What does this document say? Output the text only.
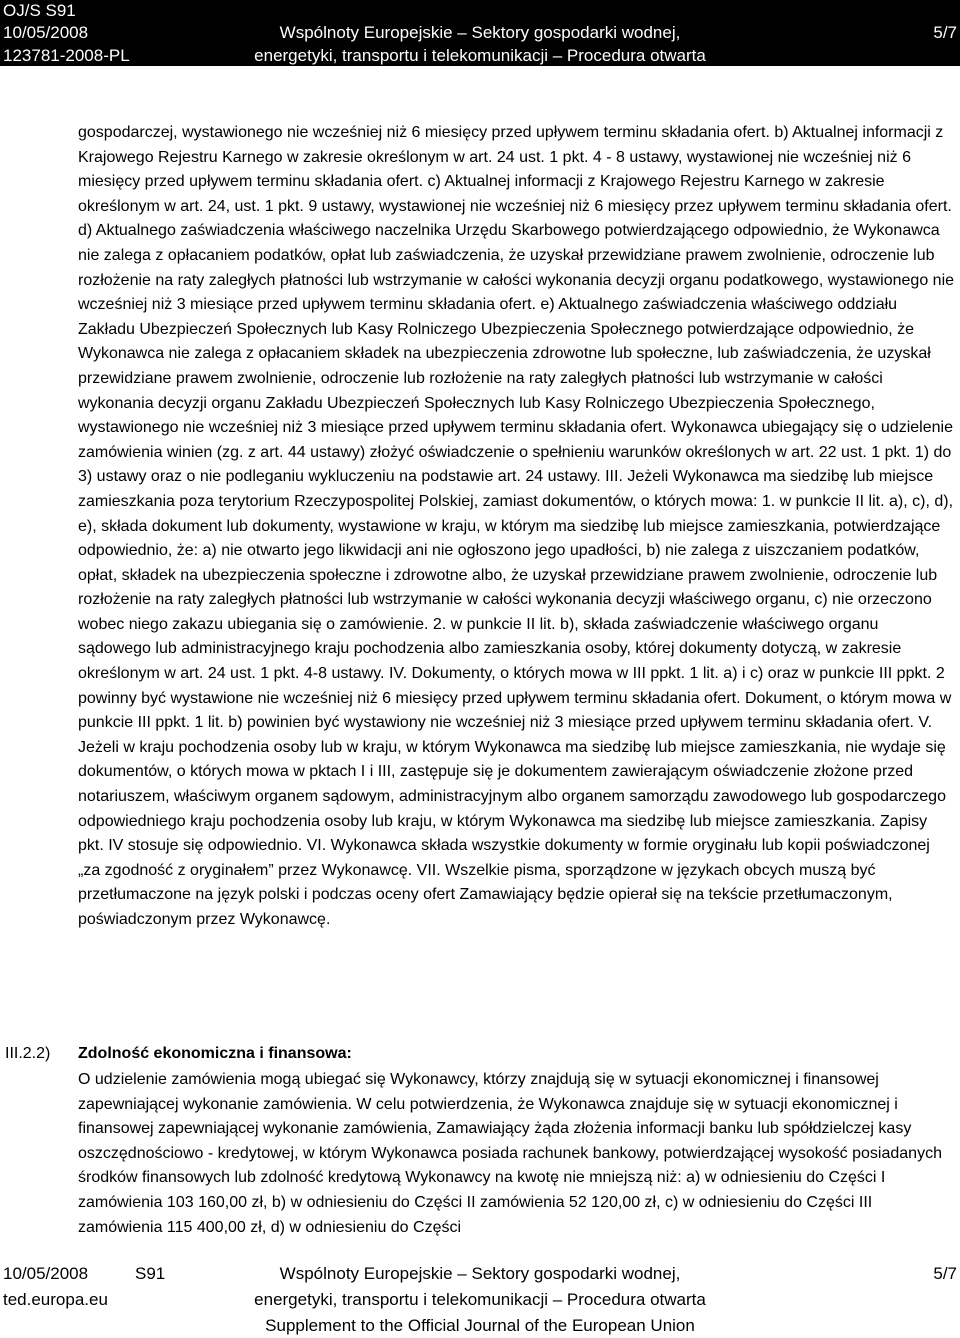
OJ/S S91
10/05/2008
123781-2008-PL
Wspólnoty Europejskie – Sektory gospodarki wodnej,
energetyki, transportu i telekomunikacji – Procedura otwarta
5/7
gospodarczej, wystawionego nie wcześniej niż 6 miesięcy przed upływem terminu składania ofert. b) Aktualnej informacji z Krajowego Rejestru Karnego w zakresie określonym w art. 24 ust. 1 pkt. 4 - 8 ustawy, wystawionej nie wcześniej niż 6 miesięcy przed upływem terminu składania ofert. c) Aktualnej informacji z Krajowego Rejestru Karnego w zakresie określonym w art. 24, ust. 1 pkt. 9 ustawy, wystawionej nie wcześniej niż 6 miesięcy przez upływem terminu składania ofert. d) Aktualnego zaświadczenia właściwego naczelnika Urzędu Skarbowego potwierdzającego odpowiednio, że Wykonawca nie zalega z opłacaniem podatków, opłat lub zaświadczenia, że uzyskał przewidziane prawem zwolnienie, odroczenie lub rozłożenie na raty zaległych płatności lub wstrzymanie w całości wykonania decyzji organu podatkowego, wystawionego nie wcześniej niż 3 miesiące przed upływem terminu składania ofert. e) Aktualnego zaświadczenia właściwego oddziału Zakładu Ubezpieczeń Społecznych lub Kasy Rolniczego Ubezpieczenia Społecznego potwierdzające odpowiednio, że Wykonawca nie zalega z opłacaniem składek na ubezpieczenia zdrowotne lub społeczne, lub zaświadczenia, że uzyskał przewidziane prawem zwolnienie, odroczenie lub rozłożenie na raty zaległych płatności lub wstrzymanie w całości wykonania decyzji organu Zakładu Ubezpieczeń Społecznych lub Kasy Rolniczego Ubezpieczenia Społecznego, wystawionego nie wcześniej niż 3 miesiące przed upływem terminu składania ofert. Wykonawca ubiegający się o udzielenie zamówienia winien (zg. z art. 44 ustawy) złożyć oświadczenie o spełnieniu warunków określonych w art. 22 ust. 1 pkt. 1) do 3) ustawy oraz o nie podleganiu wykluczeniu na podstawie art. 24 ustawy. III. Jeżeli Wykonawca ma siedzibę lub miejsce zamieszkania poza terytorium Rzeczypospolitej Polskiej, zamiast dokumentów, o których mowa: 1. w punkcie II lit. a), c), d), e), składa dokument lub dokumenty, wystawione w kraju, w którym ma siedzibę lub miejsce zamieszkania, potwierdzające odpowiednio, że: a) nie otwarto jego likwidacji ani nie ogłoszono jego upadłości, b) nie zalega z uiszczaniem podatków, opłat, składek na ubezpieczenia społeczne i zdrowotne albo, że uzyskał przewidziane prawem zwolnienie, odroczenie lub rozłożenie na raty zaległych płatności lub wstrzymanie w całości wykonania decyzji właściwego organu, c) nie orzeczono wobec niego zakazu ubiegania się o zamówienie. 2. w punkcie II lit. b), składa zaświadczenie właściwego organu sądowego lub administracyjnego kraju pochodzenia albo zamieszkania osoby, której dokumenty dotyczą, w zakresie określonym w art. 24 ust. 1 pkt. 4-8 ustawy. IV. Dokumenty, o których mowa w III ppkt. 1 lit. a) i c) oraz w punkcie III ppkt. 2 powinny być wystawione nie wcześniej niż 6 miesięcy przed upływem terminu składania ofert. Dokument, o którym mowa w punkcie III ppkt. 1 lit. b) powinien być wystawiony nie wcześniej niż 3 miesiące przed upływem terminu składania ofert. V. Jeżeli w kraju pochodzenia osoby lub w kraju, w którym Wykonawca ma siedzibę lub miejsce zamieszkania, nie wydaje się dokumentów, o których mowa w pktach I i III, zastępuje się je dokumentem zawierającym oświadczenie złożone przed notariuszem, właściwym organem sądowym, administracyjnym albo organem samorządu zawodowego lub gospodarczego odpowiedniego kraju pochodzenia osoby lub kraju, w którym Wykonawca ma siedzibę lub miejsce zamieszkania. Zapisy pkt. IV stosuje się odpowiednio. VI. Wykonawca składa wszystkie dokumenty w formie oryginału lub kopii poświadczonej „za zgodność z oryginałem” przez Wykonawcę. VII. Wszelkie pisma, sporządzone w językach obcych muszą być przetłumaczone na język polski i podczas oceny ofert Zamawiający będzie opierał się na tekście przetłumaczonym, poświadczonym przez Wykonawcę.
III.2.2) Zdolność ekonomiczna i finansowa:
O udzielenie zamówienia mogą ubiegać się Wykonawcy, którzy znajdują się w sytuacji ekonomicznej i finansowej zapewniającej wykonanie zamówienia. W celu potwierdzenia, że Wykonawca znajduje się w sytuacji ekonomicznej i finansowej zapewniającej wykonanie zamówienia, Zamawiający żąda złożenia informacji banku lub spółdzielczej kasy oszczędnościowo - kredytowej, w którym Wykonawca posiada rachunek bankowy, potwierdzającej wysokość posiadanych środków finansowych lub zdolność kredytową Wykonawcy na kwotę nie mniejszą niż: a) w odniesieniu do Części I zamówienia 103 160,00 zł, b) w odniesieniu do Części II zamówienia 52 120,00 zł, c) w odniesieniu do Części III zamówienia 115 400,00 zł, d) w odniesieniu do Części
10/05/2008	S91
ted.europa.eu
Wspólnoty Europejskie – Sektory gospodarki wodnej,
energetyki, transportu i telekomunikacji – Procedura otwarta
Supplement to the Official Journal of the European Union
5/7
